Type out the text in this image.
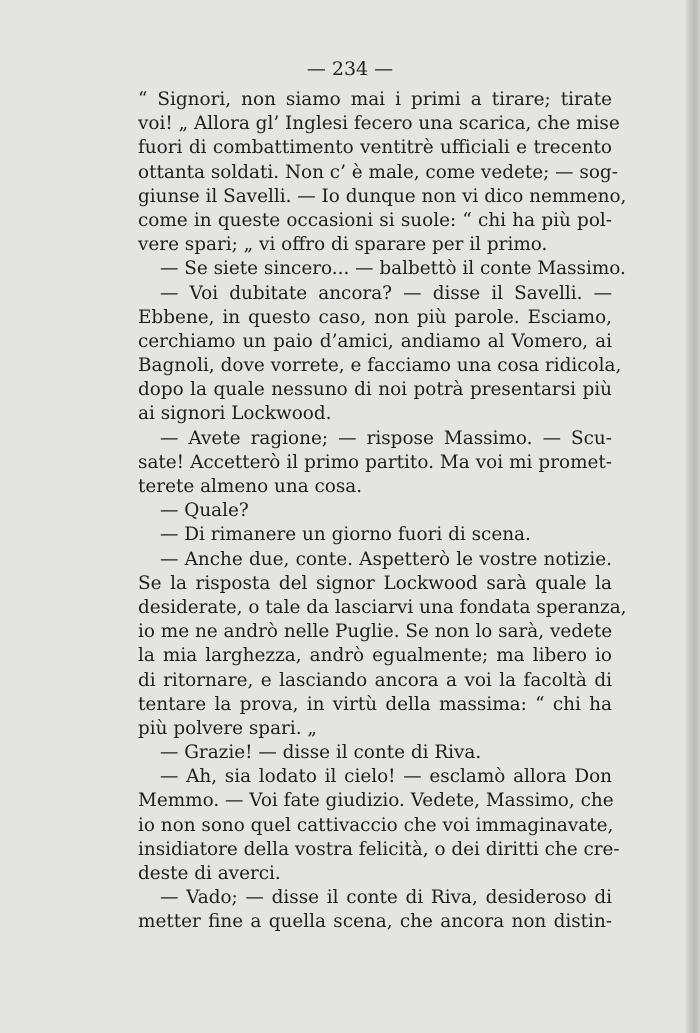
— 234 —
“ Signori, non siamo mai i primi a tirare; tirate
voi! „ Allora gl’ Inglesi fecero una scarica, che mise
fuori di combattimento ventitrè ufficiali e trecento
ottanta soldati. Non c’ è male, come vedete; — sog-
giunse il Savelli. — Io dunque non vi dico nemmeno,
come in queste occasioni si suole: “ chi ha più pol-
vere spari; „ vi offro di sparare per il primo.
— Se siete sincero... — balbettò il conte Massimo.
— Voi dubitate ancora? — disse il Savelli. —
Ebbene, in questo caso, non più parole. Esciamo,
cerchiamo un paio d’amici, andiamo al Vomero, ai
Bagnoli, dove vorrete, e facciamo una cosa ridicola,
dopo la quale nessuno di noi potrà presentarsi più
ai signori Lockwood.
— Avete ragione; — rispose Massimo. — Scu-
sate! Accetterò il primo partito. Ma voi mi promet-
terete almeno una cosa.
— Quale?
— Di rimanere un giorno fuori di scena.
— Anche due, conte. Aspetterò le vostre notizie.
Se la risposta del signor Lockwood sarà quale la
desiderate, o tale da lasciarvi una fondata speranza,
io me ne andrò nelle Puglie. Se non lo sarà, vedete
la mia larghezza, andrò egualmente; ma libero io
di ritornare, e lasciando ancora a voi la facoltà di
tentare la prova, in virtù della massima: “ chi ha
più polvere spari. „
— Grazie! — disse il conte di Riva.
— Ah, sia lodato il cielo! — esclamò allora Don
Memmo. — Voi fate giudizio. Vedete, Massimo, che
io non sono quel cattivaccio che voi immaginavate,
insidiatore della vostra felicità, o dei diritti che cre-
deste di averci.
— Vado; — disse il conte di Riva, desideroso di
metter fine a quella scena, che ancora non distin-
